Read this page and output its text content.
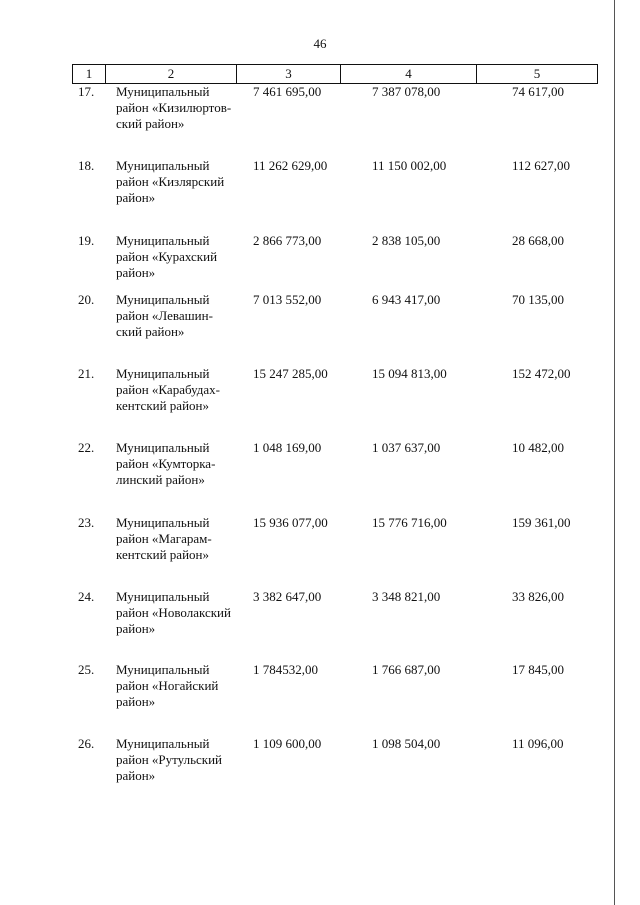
46
1	2	3	4	5
17.	Муниципальный
район «Кизилюртов-
ский район»
7 461 695,00	7 387 078,00	74 617,00
18.	Муниципальный
район «Кизлярский
район»
11 262 629,00	11 150 002,00	112 627,00
19.	Муниципальный
район «Курахский
район»
2 866 773,00	2 838 105,00	28 668,00
20.	Муниципальный
район «Левашин-
ский район»
7 013 552,00	6 943 417,00	70 135,00
21.	Муниципальный
район «Карабудах-
кентский район»
15 247 285,00	15 094 813,00	152 472,00
22.	Муниципальный
район «Кумторка-
линский район»
1 048 169,00	1 037 637,00	10 482,00
23.	Муниципальный
район «Магарам-
кентский район»
15 936 077,00	15 776 716,00	159 361,00
24.	Муниципальный
район «Новолакский
район»
3 382 647,00	3 348 821,00	33 826,00
25.	Муниципальный
район «Ногайский
район»
1 784532,00	1 766 687,00	17 845,00
26.	Муниципальный
район «Рутульский
район»
1 109 600,00	1 098 504,00	11 096,00
